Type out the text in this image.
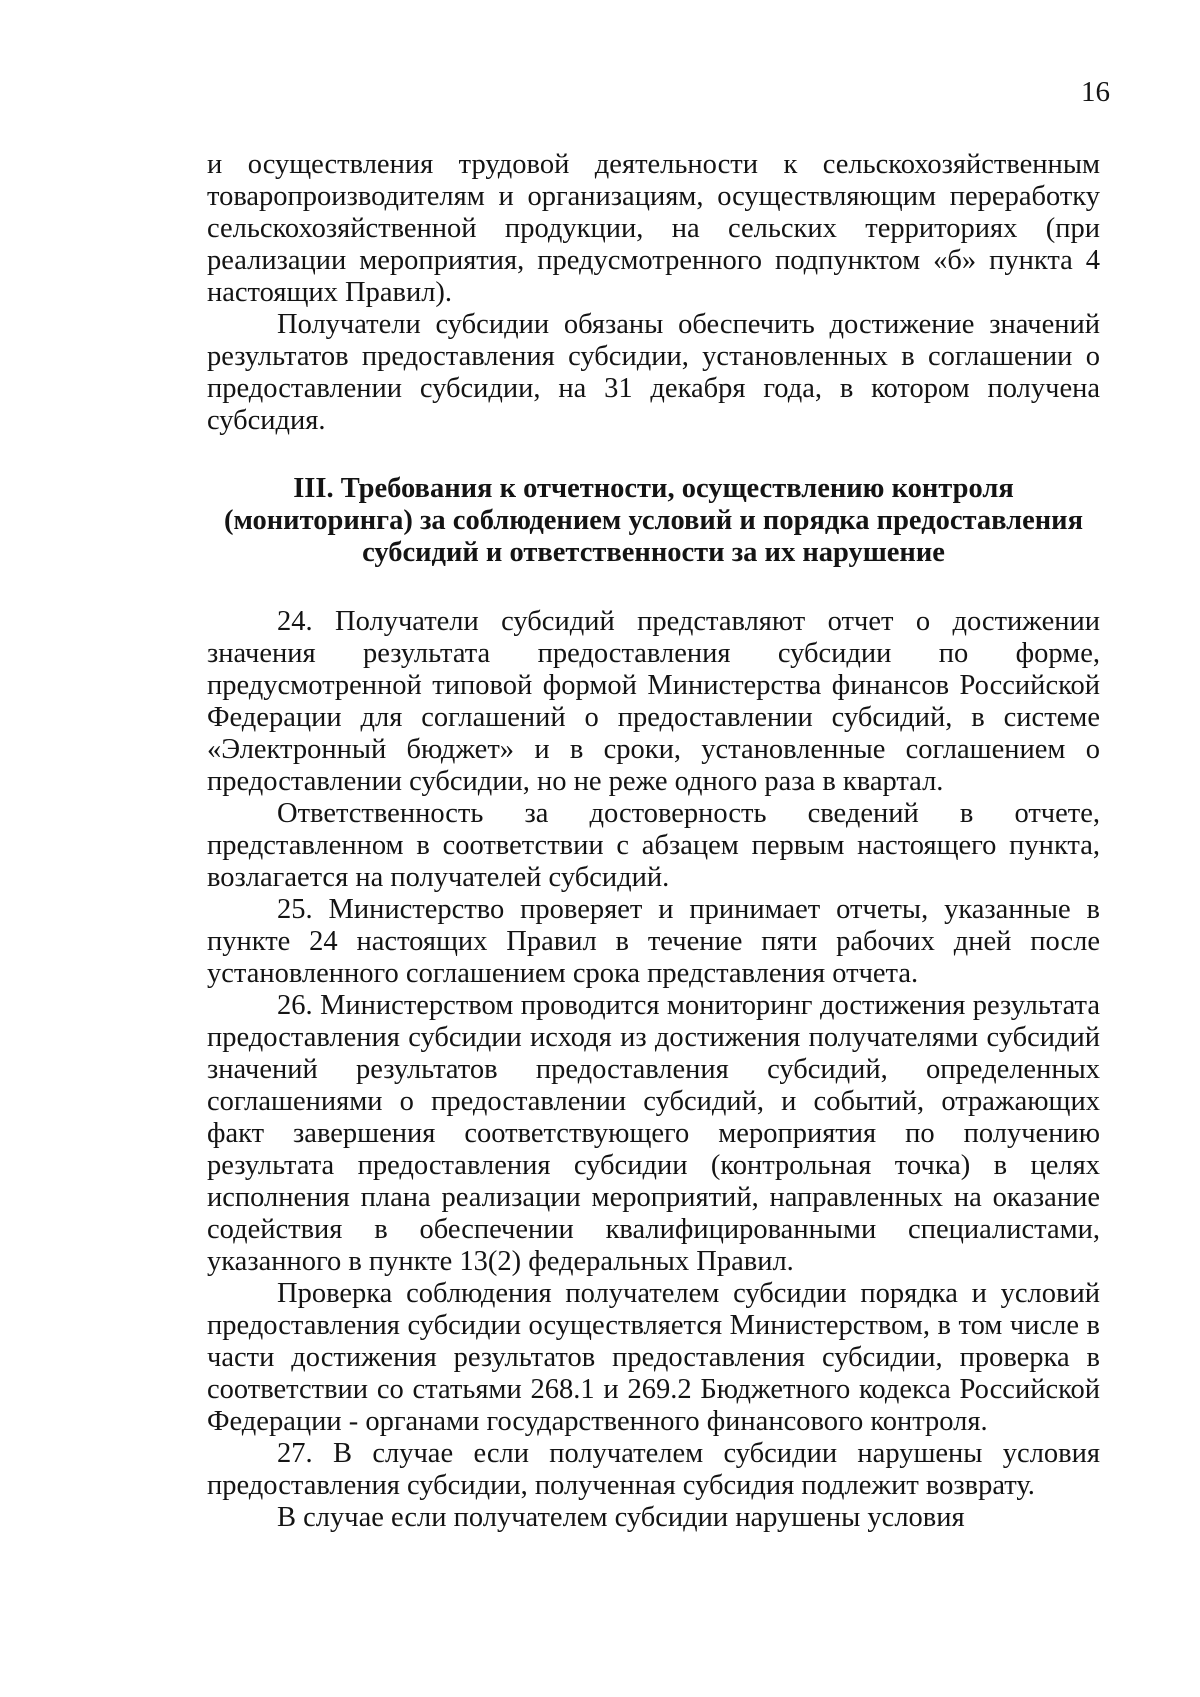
16

и осуществления трудовой деятельности к сельскохозяйственным товаропроизводителям и организациям, осуществляющим переработку сельскохозяйственной продукции, на сельских территориях (при реализации мероприятия, предусмотренного подпунктом «б» пункта 4 настоящих Правил).

Получатели субсидии обязаны обеспечить достижение значений результатов предоставления субсидии, установленных в соглашении о предоставлении субсидии, на 31 декабря года, в котором получена субсидия.

III. Требования к отчетности, осуществлению контроля (мониторинга) за соблюдением условий и порядка предоставления субсидий и ответственности за их нарушение

24. Получатели субсидий представляют отчет о достижении значения результата предоставления субсидии по форме, предусмотренной типовой формой Министерства финансов Российской Федерации для соглашений о предоставлении субсидий, в системе «Электронный бюджет» и в сроки, установленные соглашением о предоставлении субсидии, но не реже одного раза в квартал.

Ответственность за достоверность сведений в отчете, представленном в соответствии с абзацем первым настоящего пункта, возлагается на получателей субсидий.

25. Министерство проверяет и принимает отчеты, указанные в пункте 24 настоящих Правил в течение пяти рабочих дней после установленного соглашением срока представления отчета.

26. Министерством проводится мониторинг достижения результата предоставления субсидии исходя из достижения получателями субсидий значений результатов предоставления субсидий, определенных соглашениями о предоставлении субсидий, и событий, отражающих факт завершения соответствующего мероприятия по получению результата предоставления субсидии (контрольная точка) в целях исполнения плана реализации мероприятий, направленных на оказание содействия в обеспечении квалифицированными специалистами, указанного в пункте 13(2) федеральных Правил.

Проверка соблюдения получателем субсидии порядка и условий предоставления субсидии осуществляется Министерством, в том числе в части достижения результатов предоставления субсидии, проверка в соответствии со статьями 268.1 и 269.2 Бюджетного кодекса Российской Федерации - органами государственного финансового контроля.

27. В случае если получателем субсидии нарушены условия предоставления субсидии, полученная субсидия подлежит возврату.

В случае если получателем субсидии нарушены условия
